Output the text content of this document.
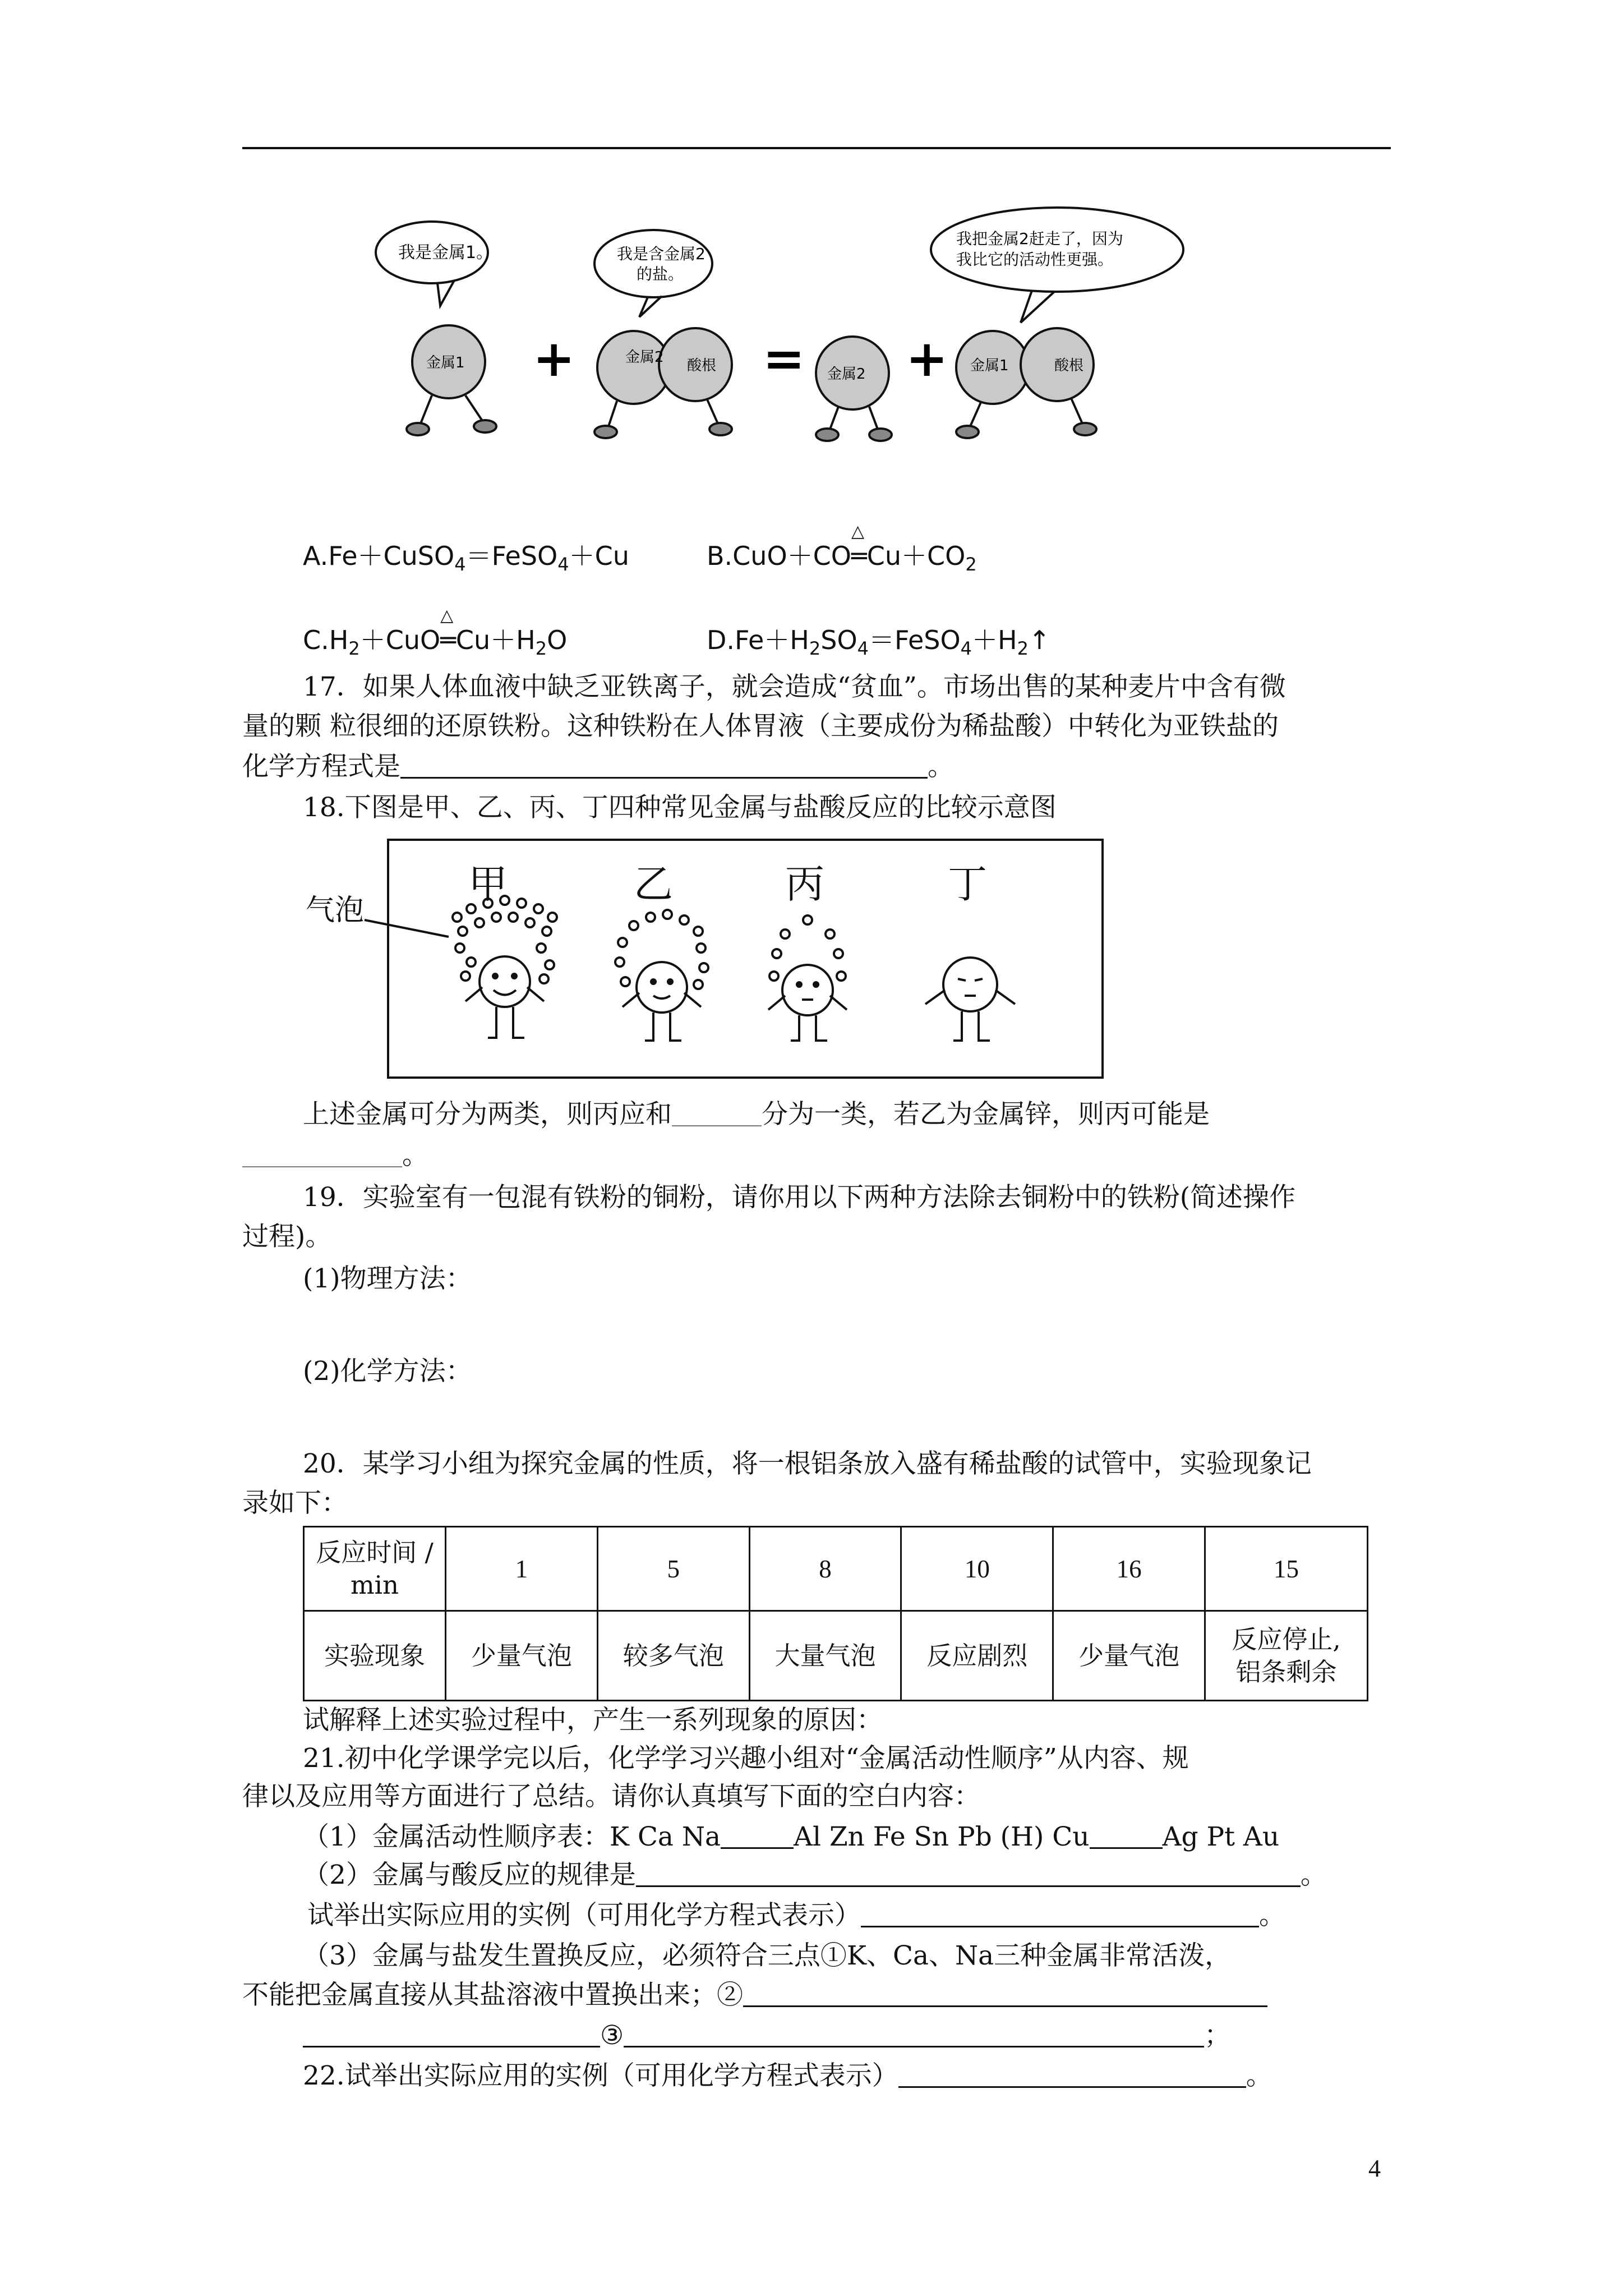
我是金属1。	我是含金属2
的盐。
我把金属2赶走了，因为
我比它的活动性更强。
金属1	金属2 酸根	金属2	金属1	酸根
+	= +
A.Fe＋CuSO$_4$＝FeSO$_4$＋Cu	B.CuO＋CO
△
$═Cu+CO_2$
$C.H_2+CuO$
△
$═Cu+H_2O$	$D.Fe+H_2SO_4=FeSO_4+H_2↑$
17．如果人体血液中缺乏亚铁离子，就会造成“贫血”。市场出售的某种麦片中含有微
量的颗 粒很细的还原铁粉。这种铁粉在人体胃液（主要成份为稀盐酸）中转化为亚铁盐的
化学方程式是	。
18.下图是甲、乙、丙、丁四种常见金属与盐酸反应的比较示意图
甲	乙	丙	丁
气泡
上述金属可分为两类，则丙应和	分为一类，若乙为金属锌，则丙可能是
。
19．实验室有一包混有铁粉的铜粉，请你用以下两种方法除去铜粉中的铁粉(简述操作
过程)。
(1)物理方法：
(2)化学方法：
20．某学习小组为探究金属的性质，将一根铝条放入盛有稀盐酸的试管中，实验现象记
录如下：
反应时间 /
min	1	5	8	10	16	15
实验现象	少量气泡	较多气泡	大量气泡	反应剧烈	少量气泡	反应停止,
铝条剩余
试解释上述实验过程中，产生一系列现象的原因：
21.初中化学课学完以后，化学学习兴趣小组对“金属活动性顺序”从内容、规
律以及应用等方面进行了总结。请你认真填写下面的空白内容：
（1）金属活动性顺序表：K Ca Na	Al Zn Fe Sn Pb (H) Cu	Ag Pt Au
（2）金属与酸反应的规律是	。
试举出实际应用的实例（可用化学方程式表示）	。
（3）金属与盐发生置换反应，必须符合三点①K、Ca、Na三种金属非常活泼，
不能把金属直接从其盐溶液中置换出来；②
③	；
22.试举出实际应用的实例（可用化学方程式表示）	。
4
